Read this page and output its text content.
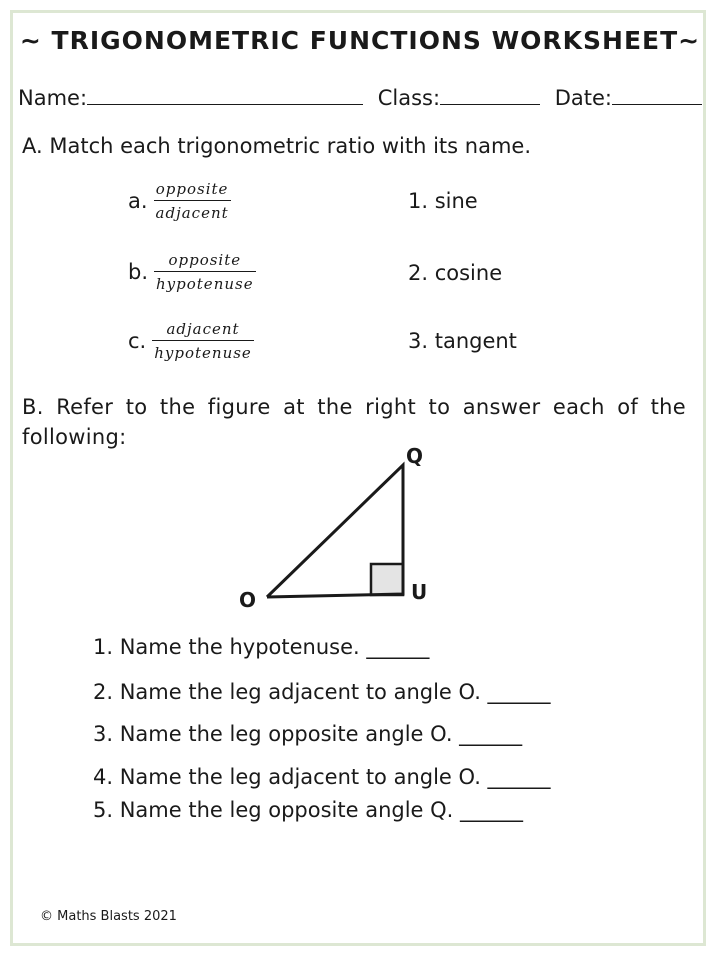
~ TRIGONOMETRIC FUNCTIONS WORKSHEET~
Name:	Class:	Date:
A. Match each trigonometric ratio with its name.
a. $\frac{\text{opposite}}{\text{adjacent}}$
b. $\frac{\text{opposite}}{\text{hypotenuse}}$
c. $\frac{\text{adjacent}}{\text{hypotenuse}}$
1. sine
2. cosine
3. tangent
B. Refer to the figure at the right to answer each of the following:
Q
U
O
1. Name the hypotenuse. ______
2. Name the leg adjacent to angle O. ______
3. Name the leg opposite angle O. ______
4. Name the leg adjacent to angle O. ______
5. Name the leg opposite angle Q. ______
© Maths Blasts 2021
